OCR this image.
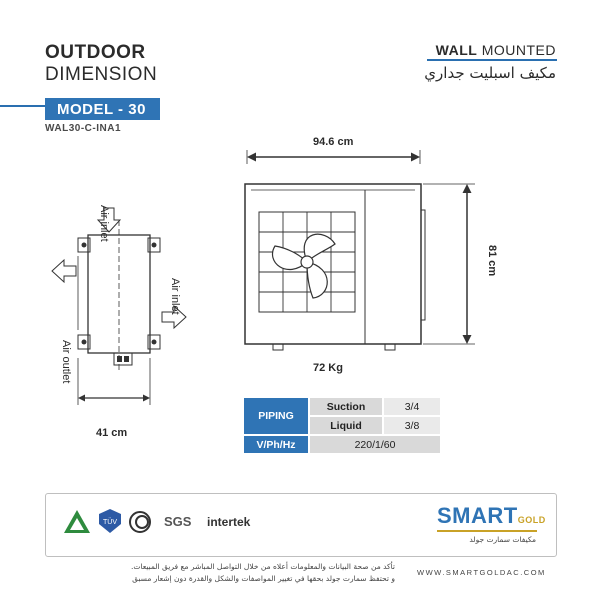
OUTDOOR
DIMENSION
MODEL - 30
WAL30-C-INA1
WALL MOUNTED
مكيف اسبليت جداري
Air inlet
Air outlet
Air inlet
41 cm
94.6 cm
81 cm
72 Kg
PIPING	Suction	3/4
	Liquid	3/8
V/Ph/Hz	220/1/60	
TÜV	SGS intertek	SMARTGOLD
مكيفات سمارت جولد
تأكد من صحة البيانات والمعلومات أعلاه من خلال التواصل المباشر مع فريق المبيعات.
و تحتفظ سمارت جولد بحقها في تغيير المواصفات والشكل والقدرة دون إشعار مسبق
WWW.SMARTGOLDAC.COM
